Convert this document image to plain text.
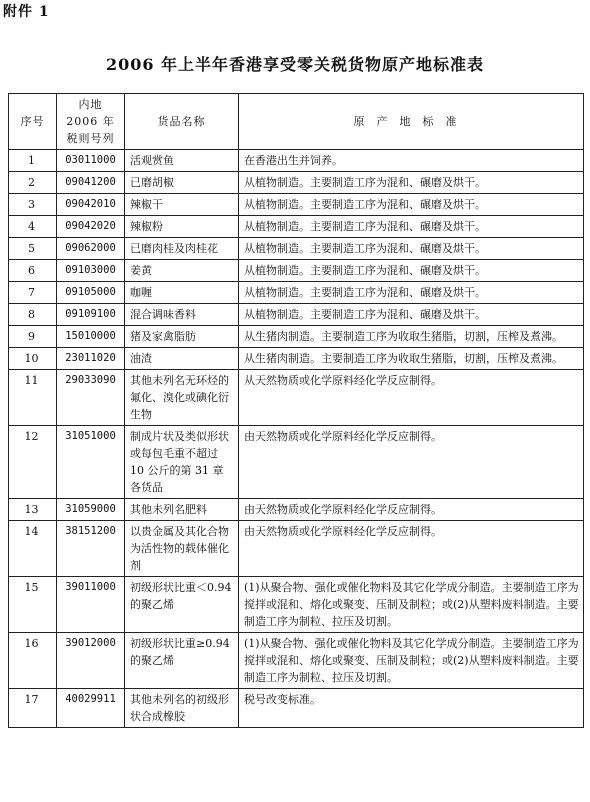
附件 1
2006 年上半年香港享受零关税货物原产地标准表
序号	内地 2006 年税则号列	货品名称	原产地标准
1	03011000	活观赏鱼	在香港出生并饲养。
2	09041200	已磨胡椒	从植物制造。主要制造工序为混和、碾磨及烘干。
3	09042010	辣椒干	从植物制造。主要制造工序为混和、碾磨及烘干。
4	09042020	辣椒粉	从植物制造。主要制造工序为混和、碾磨及烘干。
5	09062000	已磨肉桂及肉桂花	从植物制造。主要制造工序为混和、碾磨及烘干。
6	09103000	姜黄	从植物制造。主要制造工序为混和、碾磨及烘干。
7	09105000	咖喱	从植物制造。主要制造工序为混和、碾磨及烘干。
8	09109100	混合调味香料	从植物制造。主要制造工序为混和、碾磨及烘干。
9	15010000	猪及家禽脂肪	从生猪肉制造。主要制造工序为收取生猪脂，切割，压榨及煮沸。
10	23011020	油渣	从生猪肉制造。主要制造工序为收取生猪脂，切割，压榨及煮沸。
11	29033090	其他未列名无环烃的氟化、溴化或碘化衍生物	从天然物质或化学原料经化学反应制得。
12	31051000	制成片状及类似形状或每包毛重不超过 10 公斤的第 31 章各货品	由天然物质或化学原料经化学反应制得。
13	31059000	其他未列名肥料	由天然物质或化学原料经化学反应制得。
14	38151200	以贵金属及其化合物为活性物的载体催化剂	由天然物质或化学原料经化学反应制得。
15	39011000	初级形状比重＜0.94的聚乙烯	(1)从聚合物、强化或催化物料及其它化学成分制造。主要制造工序为搅拌或混和、熔化或聚变、压制及制粒；或(2)从塑料废料制造。主要制造工序为制粒、拉压及切割。
16	39012000	初级形状比重≥0.94的聚乙烯	(1)从聚合物、强化或催化物料及其它化学成分制造。主要制造工序为搅拌或混和、熔化或聚变、压制及制粒；或(2)从塑料废料制造。主要制造工序为制粒、拉压及切割。
17	40029911	其他未列名的初级形状合成橡胶	税号改变标准。
